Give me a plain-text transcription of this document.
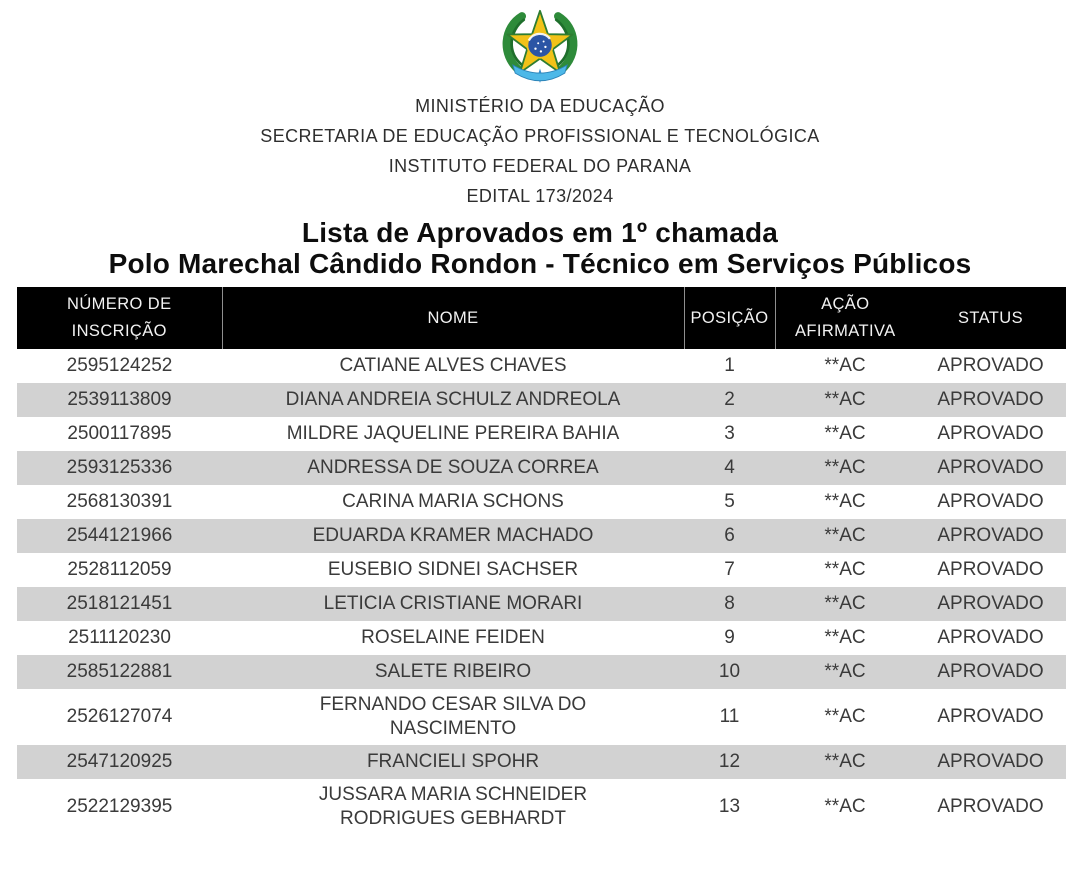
MINISTÉRIO DA EDUCAÇÃO
SECRETARIA DE EDUCAÇÃO PROFISSIONAL E TECNOLÓGICA
INSTITUTO FEDERAL DO PARANA
EDITAL 173/2024
Lista de Aprovados em 1º chamada
Polo Marechal Cândido Rondon - Técnico em Serviços Públicos
NÚMERO DE INSCRIÇÃO	NOME	POSIÇÃO	AÇÃO AFIRMATIVA	STATUS
2595124252	CATIANE ALVES CHAVES	1	**AC	APROVADO
2539113809	DIANA ANDREIA SCHULZ ANDREOLA	2	**AC	APROVADO
2500117895	MILDRE JAQUELINE PEREIRA BAHIA	3	**AC	APROVADO
2593125336	ANDRESSA DE SOUZA CORREA	4	**AC	APROVADO
2568130391	CARINA MARIA SCHONS	5	**AC	APROVADO
2544121966	EDUARDA KRAMER MACHADO	6	**AC	APROVADO
2528112059	EUSEBIO SIDNEI SACHSER	7	**AC	APROVADO
2518121451	LETICIA CRISTIANE MORARI	8	**AC	APROVADO
2511120230	ROSELAINE FEIDEN	9	**AC	APROVADO
2585122881	SALETE RIBEIRO	10	**AC	APROVADO
2526127074	FERNANDO CESAR SILVA DO NASCIMENTO	11	**AC	APROVADO
2547120925	FRANCIELI SPOHR	12	**AC	APROVADO
2522129395	JUSSARA MARIA SCHNEIDER RODRIGUES GEBHARDT	13	**AC	APROVADO
